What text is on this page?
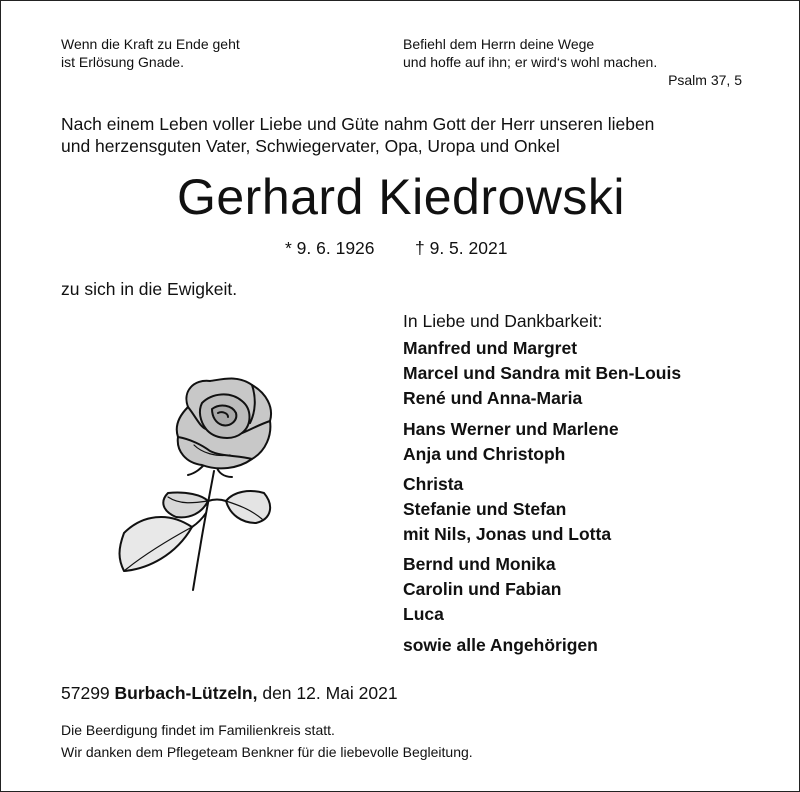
Wenn die Kraft zu Ende geht
ist Erlösung Gnade.
Befiehl dem Herrn deine Wege
und hoffe auf ihn; er wird‘s wohl machen.
Psalm 37, 5
Nach einem Leben voller Liebe und Güte nahm Gott der Herr unseren lieben
und herzensguten Vater, Schwiegervater, Opa, Uropa und Onkel
Gerhard Kiedrowski
* 9. 6. 1926 † 9. 5. 2021
zu sich in die Ewigkeit.
In Liebe und Dankbarkeit:
Manfred und Margret
Marcel und Sandra mit Ben-Louis
René und Anna-Maria
Hans Werner und Marlene
Anja und Christoph
Christa
Stefanie und Stefan
mit Nils, Jonas und Lotta
Bernd und Monika
Carolin und Fabian
Luca
sowie alle Angehörigen
57299 Burbach-Lützeln, den 12. Mai 2021
Die Beerdigung findet im Familienkreis statt.
Wir danken dem Pflegeteam Benkner für die liebevolle Begleitung.
